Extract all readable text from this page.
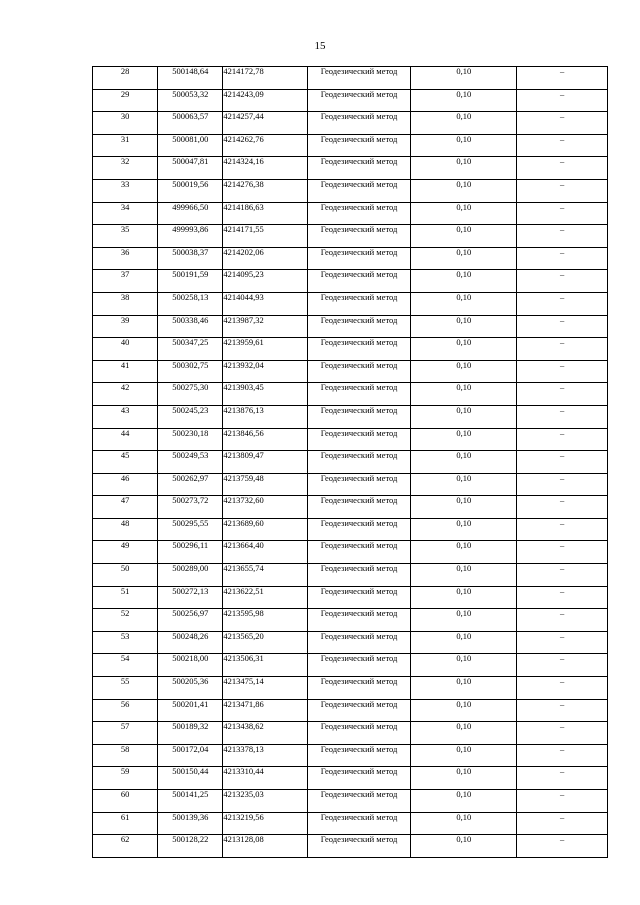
15
28	500148,64	4214172,78	Геодезический метод	0,10	–
29	500053,32	4214243,09	Геодезический метод	0,10	–
30	500063,57	4214257,44	Геодезический метод	0,10	–
31	500081,00	4214262,76	Геодезический метод	0,10	–
32	500047,81	4214324,16	Геодезический метод	0,10	–
33	500019,56	4214276,38	Геодезический метод	0,10	–
34	499966,50	4214186,63	Геодезический метод	0,10	–
35	499993,86	4214171,55	Геодезический метод	0,10	–
36	500038,37	4214202,06	Геодезический метод	0,10	–
37	500191,59	4214095,23	Геодезический метод	0,10	–
38	500258,13	4214044,93	Геодезический метод	0,10	–
39	500338,46	4213987,32	Геодезический метод	0,10	–
40	500347,25	4213959,61	Геодезический метод	0,10	–
41	500302,75	4213932,04	Геодезический метод	0,10	–
42	500275,30	4213903,45	Геодезический метод	0,10	–
43	500245,23	4213876,13	Геодезический метод	0,10	–
44	500230,18	4213846,56	Геодезический метод	0,10	–
45	500249,53	4213809,47	Геодезический метод	0,10	–
46	500262,97	4213759,48	Геодезический метод	0,10	–
47	500273,72	4213732,60	Геодезический метод	0,10	–
48	500295,55	4213689,60	Геодезический метод	0,10	–
49	500296,11	4213664,40	Геодезический метод	0,10	–
50	500289,00	4213655,74	Геодезический метод	0,10	–
51	500272,13	4213622,51	Геодезический метод	0,10	–
52	500256,97	4213595,98	Геодезический метод	0,10	–
53	500248,26	4213565,20	Геодезический метод	0,10	–
54	500218,00	4213506,31	Геодезический метод	0,10	–
55	500205,36	4213475,14	Геодезический метод	0,10	–
56	500201,41	4213471,86	Геодезический метод	0,10	–
57	500189,32	4213438,62	Геодезический метод	0,10	–
58	500172,04	4213378,13	Геодезический метод	0,10	–
59	500150,44	4213310,44	Геодезический метод	0,10	–
60	500141,25	4213235,03	Геодезический метод	0,10	–
61	500139,36	4213219,56	Геодезический метод	0,10	–
62	500128,22	4213128,08	Геодезический метод	0,10	–
